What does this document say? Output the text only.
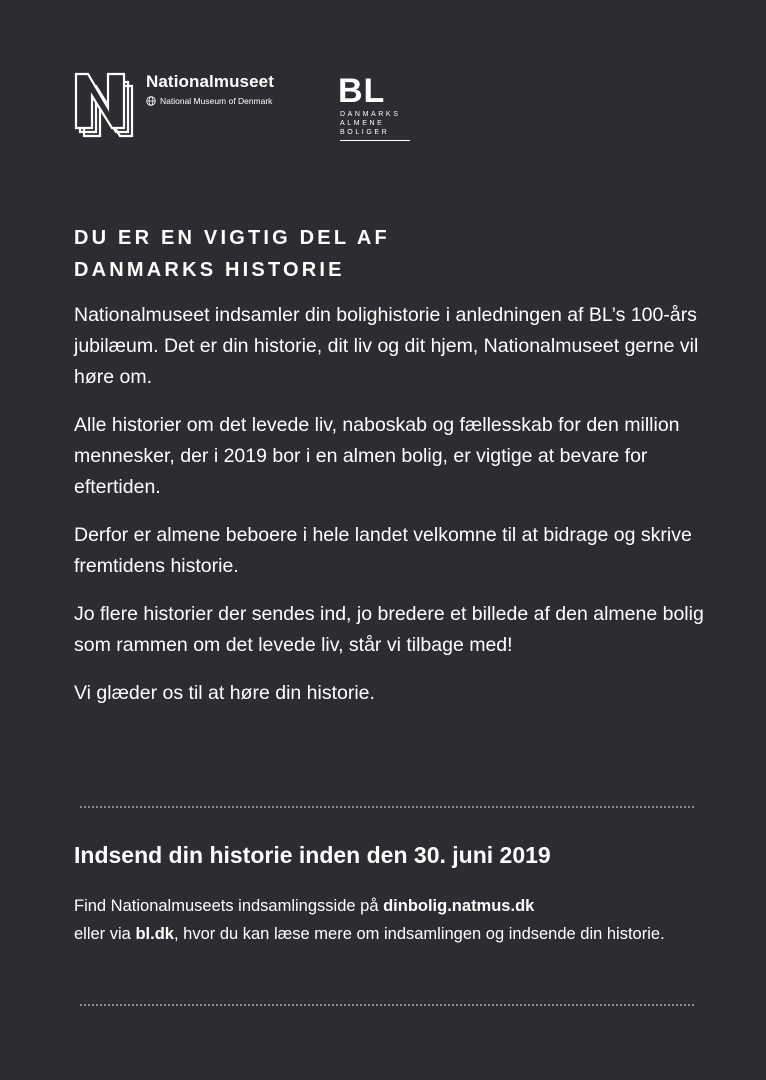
Nationalmuseet
National Museum of Denmark BL
DANMARKS
ALMENE
BOLIGER
DU ER EN VIGTIG DEL AF
DANMARKS HISTORIE

Nationalmuseet indsamler din bolighistorie i anledningen af BL’s 100-års jubilæum. Det er din historie, dit liv og dit hjem, Nationalmuseet gerne vil høre om.

Alle historier om det levede liv, naboskab og fællesskab for den million mennesker, der i 2019 bor i en almen bolig, er vigtige at bevare for eftertiden.

Derfor er almene beboere i hele landet velkomne til at bidrage og skrive fremtidens historie.

Jo flere historier der sendes ind, jo bredere et billede af den almene bolig som rammen om det levede liv, står vi tilbage med!

Vi glæder os til at høre din historie.

Indsend din historie inden den 30. juni 2019
Find Nationalmuseets indsamlingsside på dinbolig.natmus.dk
eller via bl.dk, hvor du kan læse mere om indsamlingen og indsende din historie.
